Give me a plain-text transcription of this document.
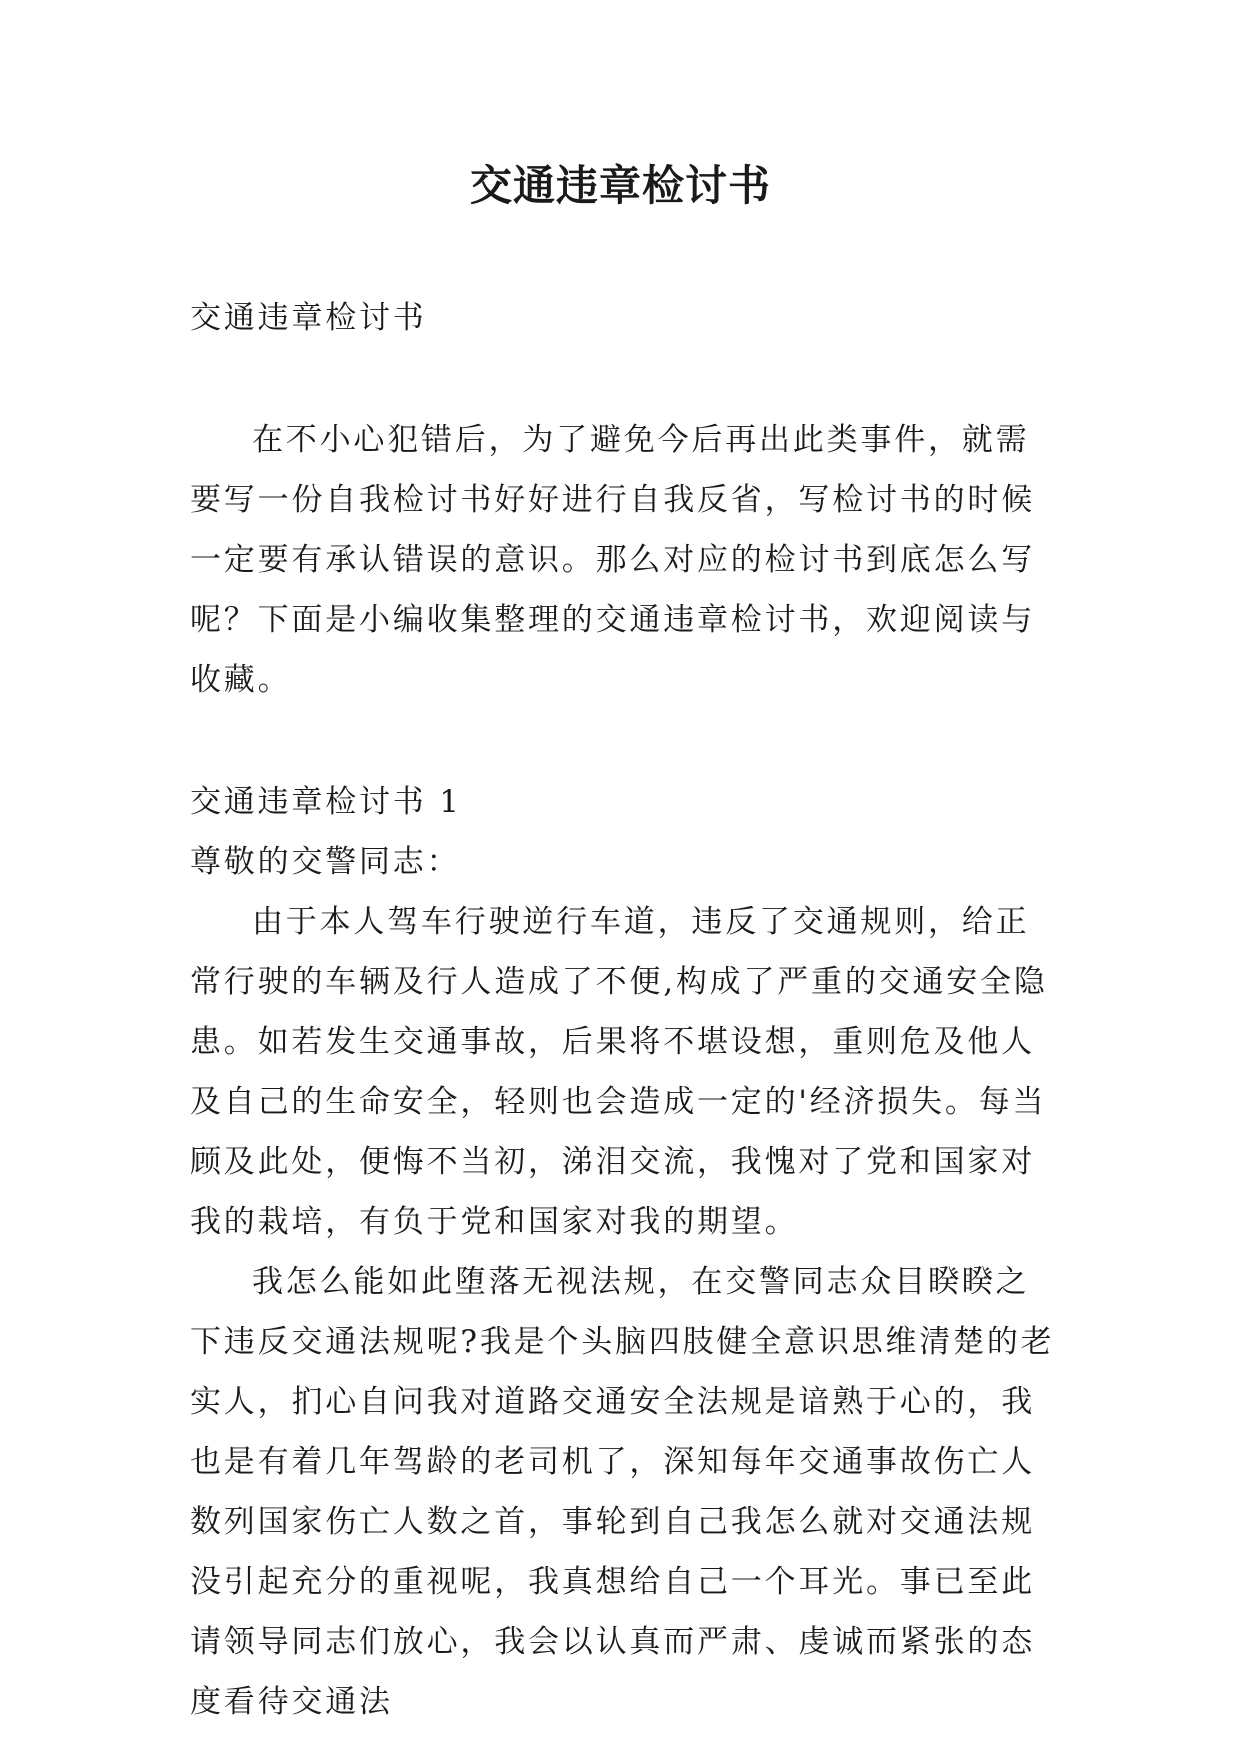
交通违章检讨书

交通违章检讨书

在不小心犯错后，为了避免今后再出此类事件，就需要写一份自我检讨书好好进行自我反省，写检讨书的时候一定要有承认错误的意识。那么对应的检讨书到底怎么写呢？下面是小编收集整理的交通违章检讨书，欢迎阅读与收藏。

交通违章检讨书 1

尊敬的交警同志：

由于本人驾车行驶逆行车道，违反了交通规则，给正常行驶的车辆及行人造成了不便,构成了严重的交通安全隐患。如若发生交通事故，后果将不堪设想，重则危及他人及自己的生命安全，轻则也会造成一定的'经济损失。每当顾及此处，便悔不当初，涕泪交流，我愧对了党和国家对我的栽培，有负于党和国家对我的期望。

我怎么能如此堕落无视法规，在交警同志众目睽睽之下违反交通法规呢?我是个头脑四肢健全意识思维清楚的老实人，扪心自问我对道路交通安全法规是谙熟于心的，我也是有着几年驾龄的老司机了，深知每年交通事故伤亡人数列国家伤亡人数之首，事轮到自己我怎么就对交通法规没引起充分的重视呢，我真想给自己一个耳光。事已至此请领导同志们放心，我会以认真而严肃、虔诚而紧张的态度看待交通法
